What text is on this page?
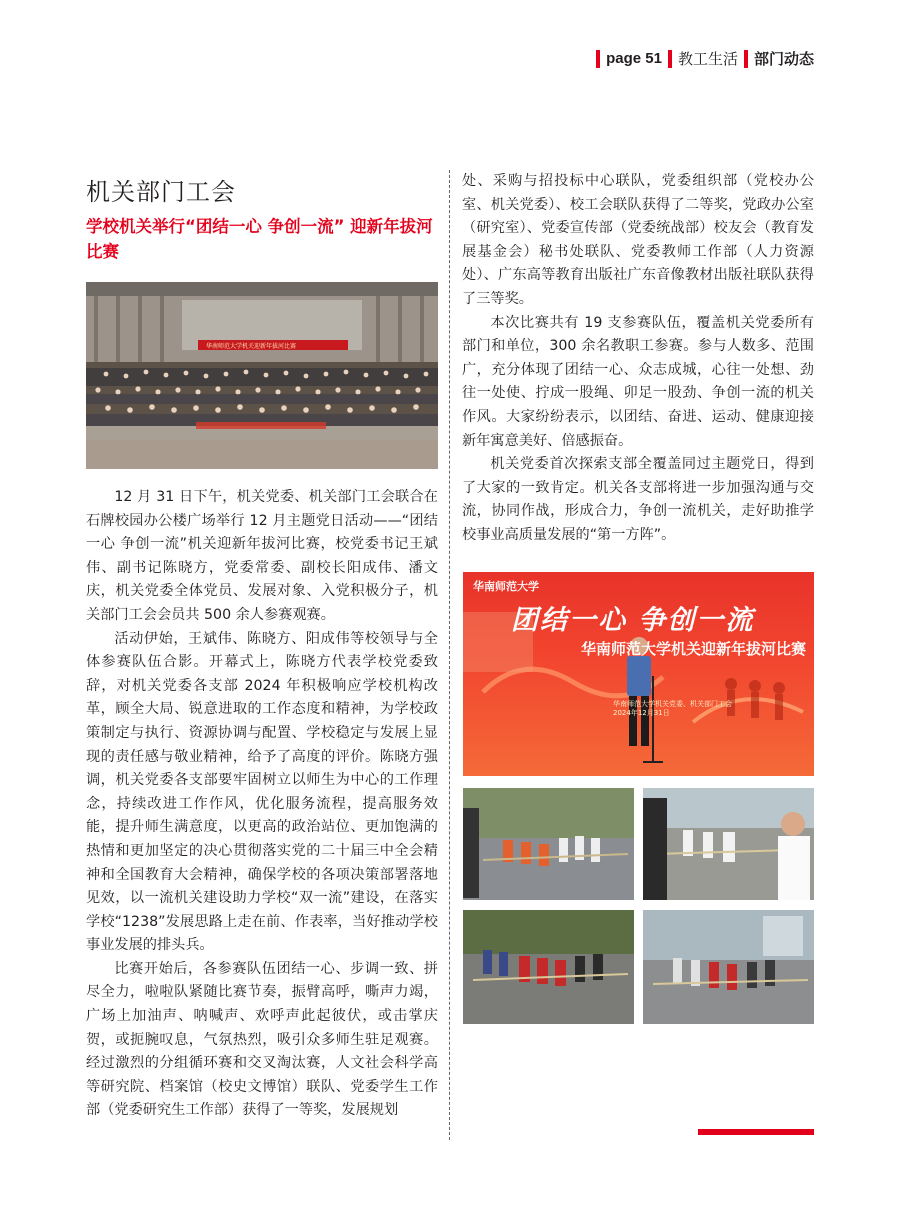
page 51 教工生活 部门动态
机关部门工会
学校机关举行“团结一心 争创一流” 迎新年拔河比赛
华南师范大学机关迎新年拔河比赛

12 月 31 日下午，机关党委、机关部门工会联合在石牌校园办公楼广场举行 12 月主题党日活动——“团结一心 争创一流”机关迎新年拔河比赛，校党委书记王斌伟、副书记陈晓方，党委常委、副校长阳成伟、潘文庆，机关党委全体党员、发展对象、入党积极分子，机关部门工会会员共 500 余人参赛观赛。

活动伊始，王斌伟、陈晓方、阳成伟等校领导与全体参赛队伍合影。开幕式上，陈晓方代表学校党委致辞，对机关党委各支部 2024 年积极响应学校机构改革，顾全大局、锐意进取的工作态度和精神，为学校政策制定与执行、资源协调与配置、学校稳定与发展上显现的责任感与敬业精神，给予了高度的评价。陈晓方强调，机关党委各支部要牢固树立以师生为中心的工作理念，持续改进工作作风，优化服务流程，提高服务效能，提升师生满意度，以更高的政治站位、更加饱满的热情和更加坚定的决心贯彻落实党的二十届三中全会精神和全国教育大会精神，确保学校的各项决策部署落地见效，以一流机关建设助力学校“双一流”建设，在落实学校“1238”发展思路上走在前、作表率，当好推动学校事业发展的排头兵。

比赛开始后，各参赛队伍团结一心、步调一致、拼尽全力，啦啦队紧随比赛节奏，振臂高呼，嘶声力竭，广场上加油声、呐喊声、欢呼声此起彼伏，或击掌庆贺，或扼腕叹息，气氛热烈，吸引众多师生驻足观赛。经过激烈的分组循环赛和交叉淘汰赛，人文社会科学高等研究院、档案馆（校史文博馆）联队、党委学生工作部（党委研究生工作部）获得了一等奖，发展规划

处、采购与招投标中心联队，党委组织部（党校办公室、机关党委）、校工会联队获得了二等奖，党政办公室（研究室）、党委宣传部（党委统战部）校友会（教育发展基金会）秘书处联队、党委教师工作部（人力资源处）、广东高等教育出版社广东音像教材出版社联队获得了三等奖。

本次比赛共有 19 支参赛队伍，覆盖机关党委所有部门和单位，300 余名教职工参赛。参与人数多、范围广，充分体现了团结一心、众志成城，心往一处想、劲往一处使、拧成一股绳、卯足一股劲、争创一流的机关作风。大家纷纷表示，以团结、奋进、运动、健康迎接新年寓意美好、倍感振奋。

机关党委首次探索支部全覆盖同过主题党日，得到了大家的一致肯定。机关各支部将进一步加强沟通与交流，协同作战，形成合力，争创一流机关，走好助推学校事业高质量发展的“第一方阵”。

华南师范大学
团结一心 争创一流
华南师范大学机关迎新年拔河比赛
华南师范大学机关党委、机关部门工会
2024年12月31日
